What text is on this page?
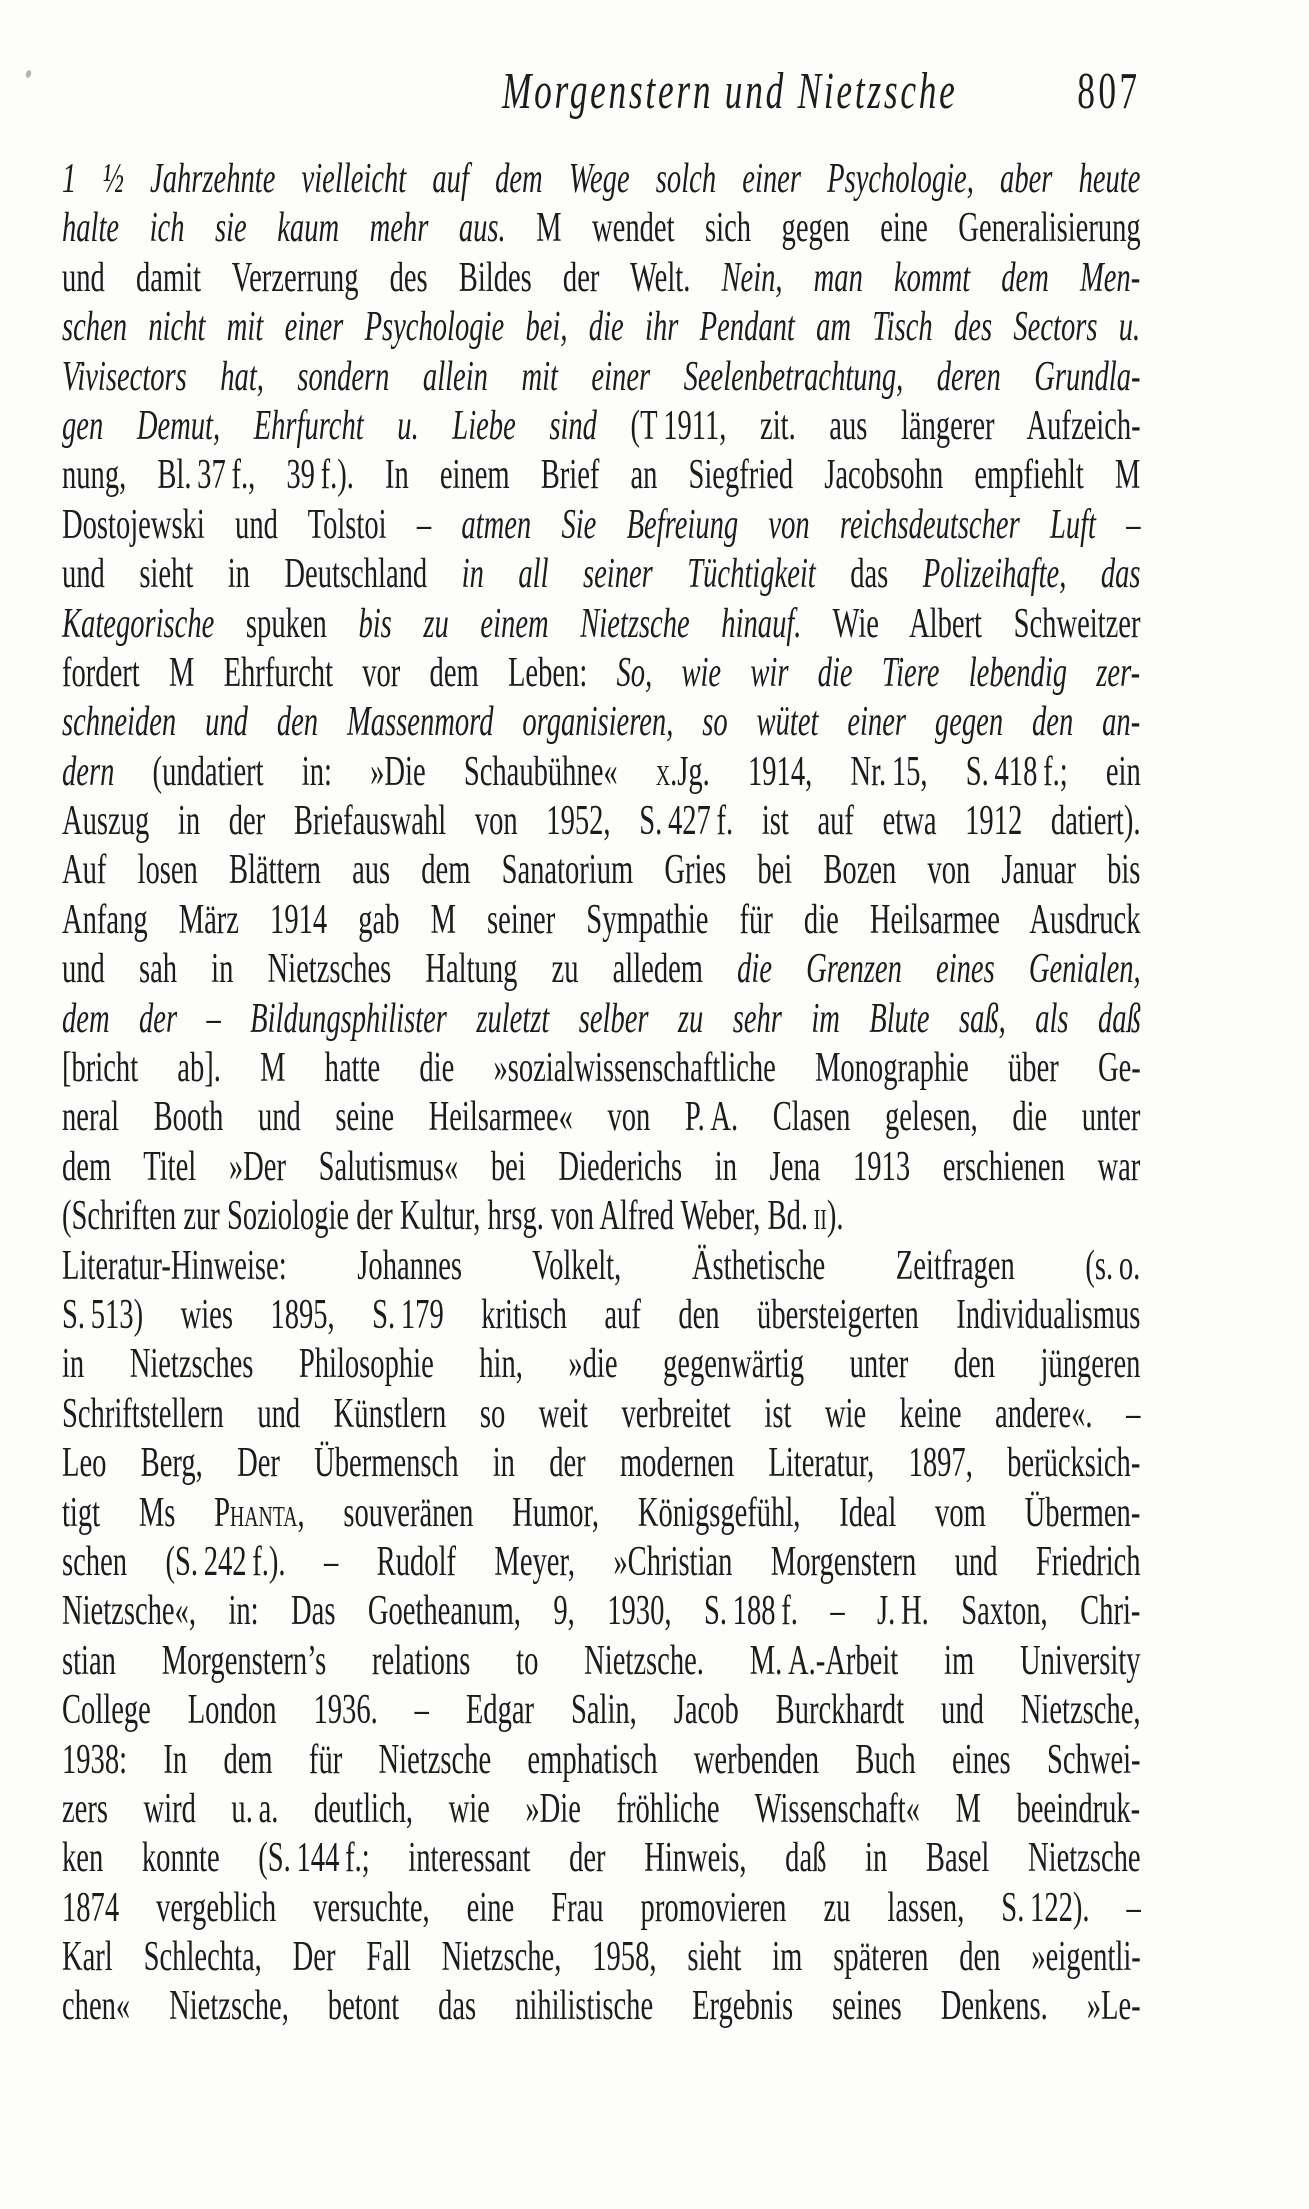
Morgenstern und Nietzsche 807
1 ½ Jahrzehnte vielleicht auf dem Wege solch einer Psychologie, aber heute
halte ich sie kaum mehr aus. M wendet sich gegen eine Generalisierung
und damit Verzerrung des Bildes der Welt. Nein, man kommt dem Men-
schen nicht mit einer Psychologie bei, die ihr Pendant am Tisch des Sectors u.
Vivisectors hat, sondern allein mit einer Seelenbetrachtung, deren Grundla-
gen Demut, Ehrfurcht u. Liebe sind (T 1911, zit. aus längerer Aufzeich-
nung, Bl. 37 f., 39 f.). In einem Brief an Siegfried Jacobsohn empfiehlt M
Dostojewski und Tolstoi – atmen Sie Befreiung von reichsdeutscher Luft –
und sieht in Deutschland in all seiner Tüchtigkeit das Polizeihafte, das
Kategorische spuken bis zu einem Nietzsche hinauf. Wie Albert Schweitzer
fordert M Ehrfurcht vor dem Leben: So, wie wir die Tiere lebendig zer-
schneiden und den Massenmord organisieren, so wütet einer gegen den an-
dern (undatiert in: »Die Schaubühne« x.Jg. 1914, Nr. 15, S. 418 f.; ein
Auszug in der Briefauswahl von 1952, S. 427 f. ist auf etwa 1912 datiert).
Auf losen Blättern aus dem Sanatorium Gries bei Bozen von Januar bis
Anfang März 1914 gab M seiner Sympathie für die Heilsarmee Ausdruck
und sah in Nietzsches Haltung zu alledem die Grenzen eines Genialen,
dem der – Bildungsphilister zuletzt selber zu sehr im Blute saß, als daß
[bricht ab]. M hatte die »sozialwissenschaftliche Monographie über Ge-
neral Booth und seine Heilsarmee« von P. A. Clasen gelesen, die unter
dem Titel »Der Salutismus« bei Diederichs in Jena 1913 erschienen war
(Schriften zur Soziologie der Kultur, hrsg. von Alfred Weber, Bd. ii).
Literatur-Hinweise: Johannes Volkelt, Ästhetische Zeitfragen (s. o.
S. 513) wies 1895, S. 179 kritisch auf den übersteigerten Individualismus
in Nietzsches Philosophie hin, »die gegenwärtig unter den jüngeren
Schriftstellern und Künstlern so weit verbreitet ist wie keine andere«. –
Leo Berg, Der Übermensch in der modernen Literatur, 1897, berücksich-
tigt Ms Phanta, souveränen Humor, Königsgefühl, Ideal vom Übermen-
schen (S. 242 f.). – Rudolf Meyer, »Christian Morgenstern und Friedrich
Nietzsche«, in: Das Goetheanum, 9, 1930, S. 188 f. – J. H. Saxton, Chri-
stian Morgenstern’s relations to Nietzsche. M. A.-Arbeit im University
College London 1936. – Edgar Salin, Jacob Burckhardt und Nietzsche,
1938: In dem für Nietzsche emphatisch werbenden Buch eines Schwei-
zers wird u. a. deutlich, wie »Die fröhliche Wissenschaft« M beeindruk-
ken konnte (S. 144 f.; interessant der Hinweis, daß in Basel Nietzsche
1874 vergeblich versuchte, eine Frau promovieren zu lassen, S. 122). –
Karl Schlechta, Der Fall Nietzsche, 1958, sieht im späteren den »eigentli-
chen« Nietzsche, betont das nihilistische Ergebnis seines Denkens. »Le-
